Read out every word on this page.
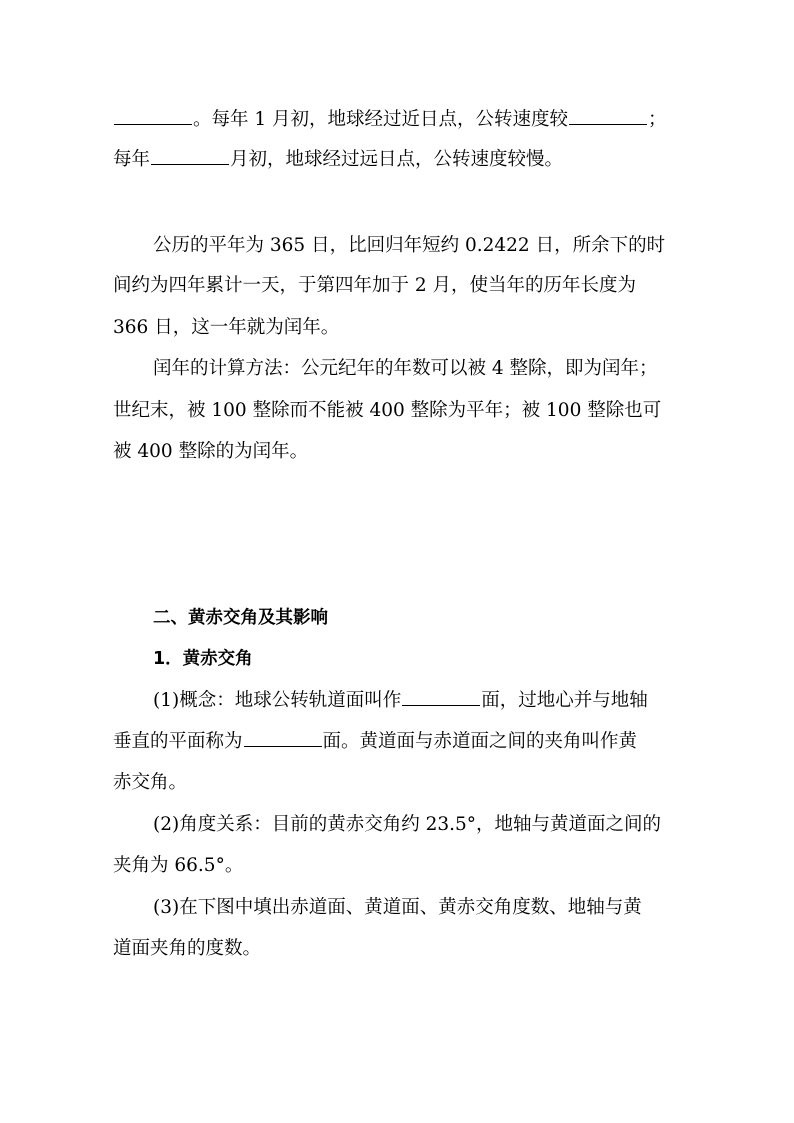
。每年 1 月初，地球经过近日点，公转速度较	；
每年	月初，地球经过远日点，公转速度较慢。
公历的平年为 365 日，比回归年短约 0.2422 日，所余下的时
间约为四年累计一天，于第四年加于 2 月，使当年的历年长度为
366 日，这一年就为闰年。
闰年的计算方法：公元纪年的年数可以被 4 整除，即为闰年；
世纪末，被 100 整除而不能被 400 整除为平年；被 100 整除也可
被 400 整除的为闰年。
二、黄赤交角及其影响
1．黄赤交角
(1)概念：地球公转轨道面叫作	面，过地心并与地轴
垂直的平面称为	面。黄道面与赤道面之间的夹角叫作黄
赤交角。
(2)角度关系：目前的黄赤交角约 23.5°，地轴与黄道面之间的
夹角为 66.5°。
(3)在下图中填出赤道面、黄道面、黄赤交角度数、地轴与黄
道面夹角的度数。
